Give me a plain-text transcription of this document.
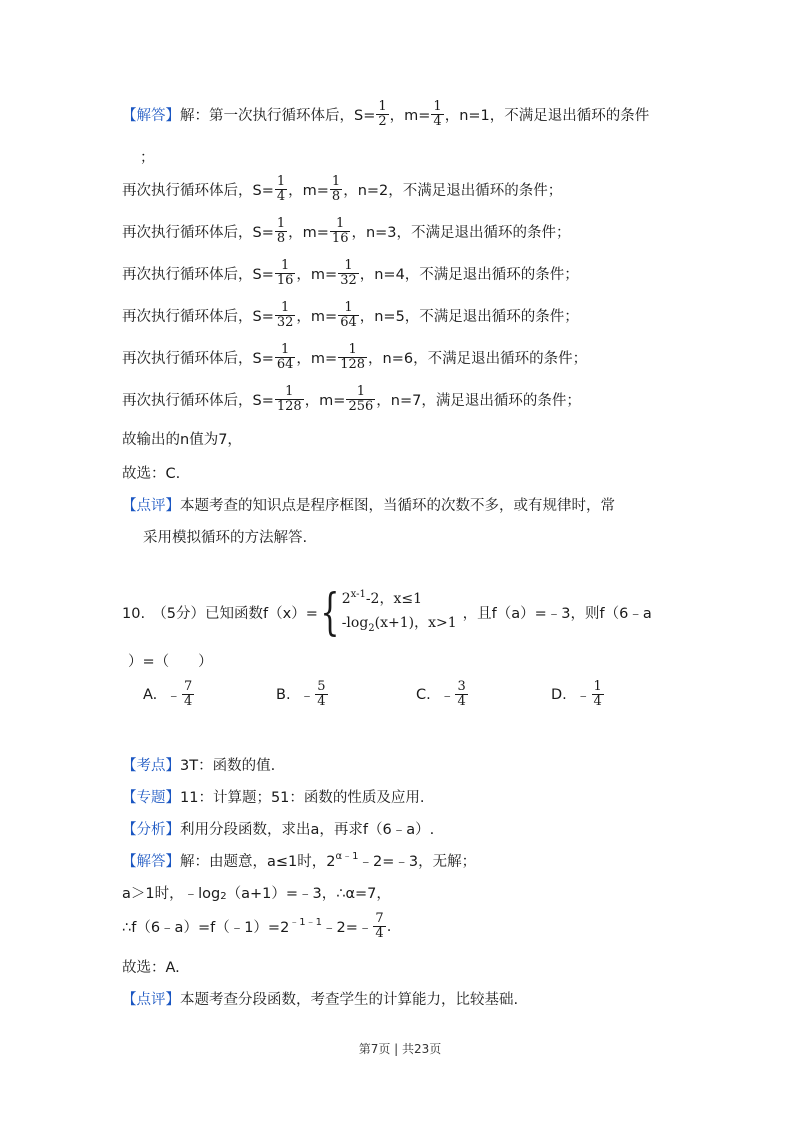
【解答】 解：第一次执行循环体后，$S= \frac{1}{2}$ ，$m= \frac{1}{4}$ ，n=1，不满足退出循环的条件
；
再次执行循环体后，$S= \frac{1}{4}$ ，$m= \frac{1}{8}$ ，n=2，不满足退出循环的条件；
再次执行循环体后，$S= \frac{1}{8}$ ，$m= \frac{1}{16}$ ，n=3，不满足退出循环的条件；
再次执行循环体后，$S= \frac{1}{16}$ ，$m= \frac{1}{32}$ ，n=4，不满足退出循环的条件；
再次执行循环体后，$S= \frac{1}{32}$ ，$m= \frac{1}{64}$ ，n=5，不满足退出循环的条件；
再次执行循环体后，$S= \frac{1}{64}$ ，$m= \frac{1}{128}$ ，n=6，不满足退出循环的条件；
再次执行循环体后，$S= \frac{1}{128}$ ，$m= \frac{1}{256}$ ，n=7，满足退出循环的条件；
故输出的n值为7，
故选：C.
【点评】 本题考查的知识点是程序框图，当循环的次数不多，或有规律时，常
采用模拟循环的方法解答.
10.　（5分）已知函数f（x）= { 2$^{x-1}$-2，x≤1
$-\log_2(x+1)$，x>1
，且f（a）=﹣3，则f（6﹣a
）=（　　）
A.
﹣ $\frac{7}{4}$	B.
﹣ $\frac{5}{4}$	C.
﹣ $\frac{3}{4}$	D.
﹣ $\frac{1}{4}$
【考点】 3T：函数的值.
【专题】 11：计算题；51：函数的性质及应用.
【分析】 利用分段函数，求出a，再求f（6﹣a）.
【解答】 解：由题意，a≤1时，2 α﹣1 ﹣2=﹣3，无解；
a＞1时，﹣log 2 （a+1）=﹣3，∴α=7，
∴f（6﹣a）=f（﹣1）=2 ﹣1﹣1 ﹣2=﹣ $\frac{7}{4}$ .
故选：A.
【点评】 本题考查分段函数，考查学生的计算能力，比较基础.
第7页 | 共23页
